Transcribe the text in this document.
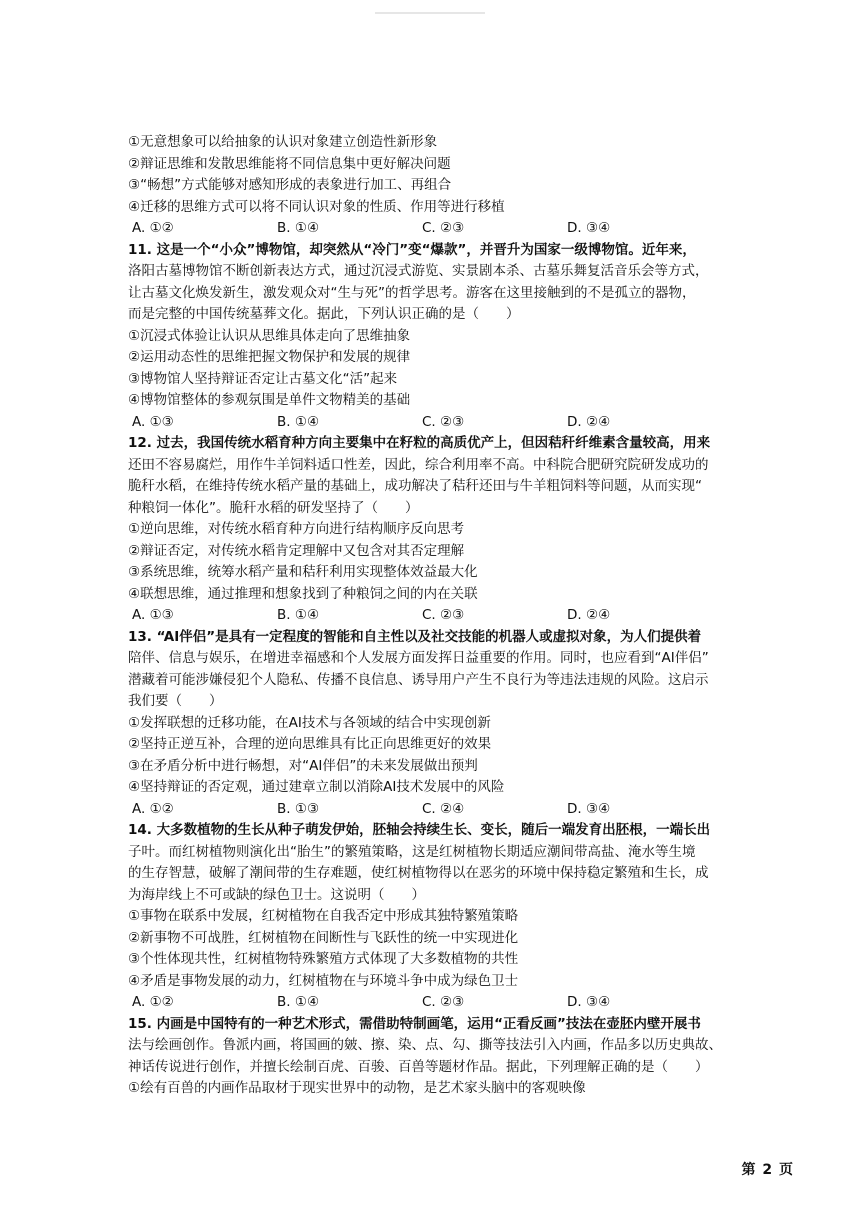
①无意想象可以给抽象的认识对象建立创造性新形象
②辩证思维和发散思维能将不同信息集中更好解决问题
③“畅想”方式能够对感知形成的表象进行加工、再组合
④迁移的思维方式可以将不同认识对象的性质、作用等进行移植
A. ①②	B. ①④	C. ②③	D. ③④
11. 这是一个“小众”博物馆，却突然从“冷门”变“爆款”，并晋升为国家一级博物馆。近年来，
洛阳古墓博物馆不断创新表达方式，通过沉浸式游览、实景剧本杀、古墓乐舞复活音乐会等方式，
让古墓文化焕发新生，激发观众对“生与死”的哲学思考。游客在这里接触到的不是孤立的器物，
而是完整的中国传统墓葬文化。据此，下列认识正确的是（　　）
①沉浸式体验让认识从思维具体走向了思维抽象
②运用动态性的思维把握文物保护和发展的规律
③博物馆人坚持辩证否定让古墓文化“活”起来
④博物馆整体的参观氛围是单件文物精美的基础
A. ①③	B. ①④	C. ②③	D. ②④
12. 过去，我国传统水稻育种方向主要集中在籽粒的高质优产上，但因秸秆纤维素含量较高，用来
还田不容易腐烂，用作牛羊饲料适口性差，因此，综合利用率不高。中科院合肥研究院研发成功的
脆秆水稻，在维持传统水稻产量的基础上，成功解决了秸秆还田与牛羊粗饲料等问题，从而实现“
种粮饲一体化”。脆秆水稻的研发坚持了（　　）
①逆向思维，对传统水稻育种方向进行结构顺序反向思考
②辩证否定，对传统水稻肯定理解中又包含对其否定理解
③系统思维，统筹水稻产量和秸秆利用实现整体效益最大化
④联想思维，通过推理和想象找到了种粮饲之间的内在关联
A. ①③	B. ①④	C. ②③	D. ②④
13. “AI伴侣”是具有一定程度的智能和自主性以及社交技能的机器人或虚拟对象，为人们提供着
陪伴、信息与娱乐，在增进幸福感和个人发展方面发挥日益重要的作用。同时，也应看到“AI伴侣”
潜藏着可能涉嫌侵犯个人隐私、传播不良信息、诱导用户产生不良行为等违法违规的风险。这启示
我们要（　　）
①发挥联想的迁移功能，在AI技术与各领域的结合中实现创新
②坚持正逆互补，合理的逆向思维具有比正向思维更好的效果
③在矛盾分析中进行畅想，对“AI伴侣”的未来发展做出预判
④坚持辩证的否定观，通过建章立制以消除AI技术发展中的风险
A. ①②	B. ①③	C. ②④	D. ③④
14. 大多数植物的生长从种子萌发伊始，胚轴会持续生长、变长，随后一端发育出胚根，一端长出
子叶。而红树植物则演化出“胎生”的繁殖策略，这是红树植物长期适应潮间带高盐、淹水等生境
的生存智慧，破解了潮间带的生存难题，使红树植物得以在恶劣的环境中保持稳定繁殖和生长，成
为海岸线上不可或缺的绿色卫士。这说明（　　）
①事物在联系中发展，红树植物在自我否定中形成其独特繁殖策略
②新事物不可战胜，红树植物在间断性与飞跃性的统一中实现进化
③个性体现共性，红树植物特殊繁殖方式体现了大多数植物的共性
④矛盾是事物发展的动力，红树植物在与环境斗争中成为绿色卫士
A. ①②	B. ①④	C. ②③	D. ③④
15. 内画是中国特有的一种艺术形式，需借助特制画笔，运用“正看反画”技法在壶胚内壁开展书
法与绘画创作。鲁派内画，将国画的皴、擦、染、点、勾、撕等技法引入内画，作品多以历史典故、
神话传说进行创作，并擅长绘制百虎、百骏、百兽等题材作品。据此，下列理解正确的是（　　）
①绘有百兽的内画作品取材于现实世界中的动物，是艺术家头脑中的客观映像
第 2 页
